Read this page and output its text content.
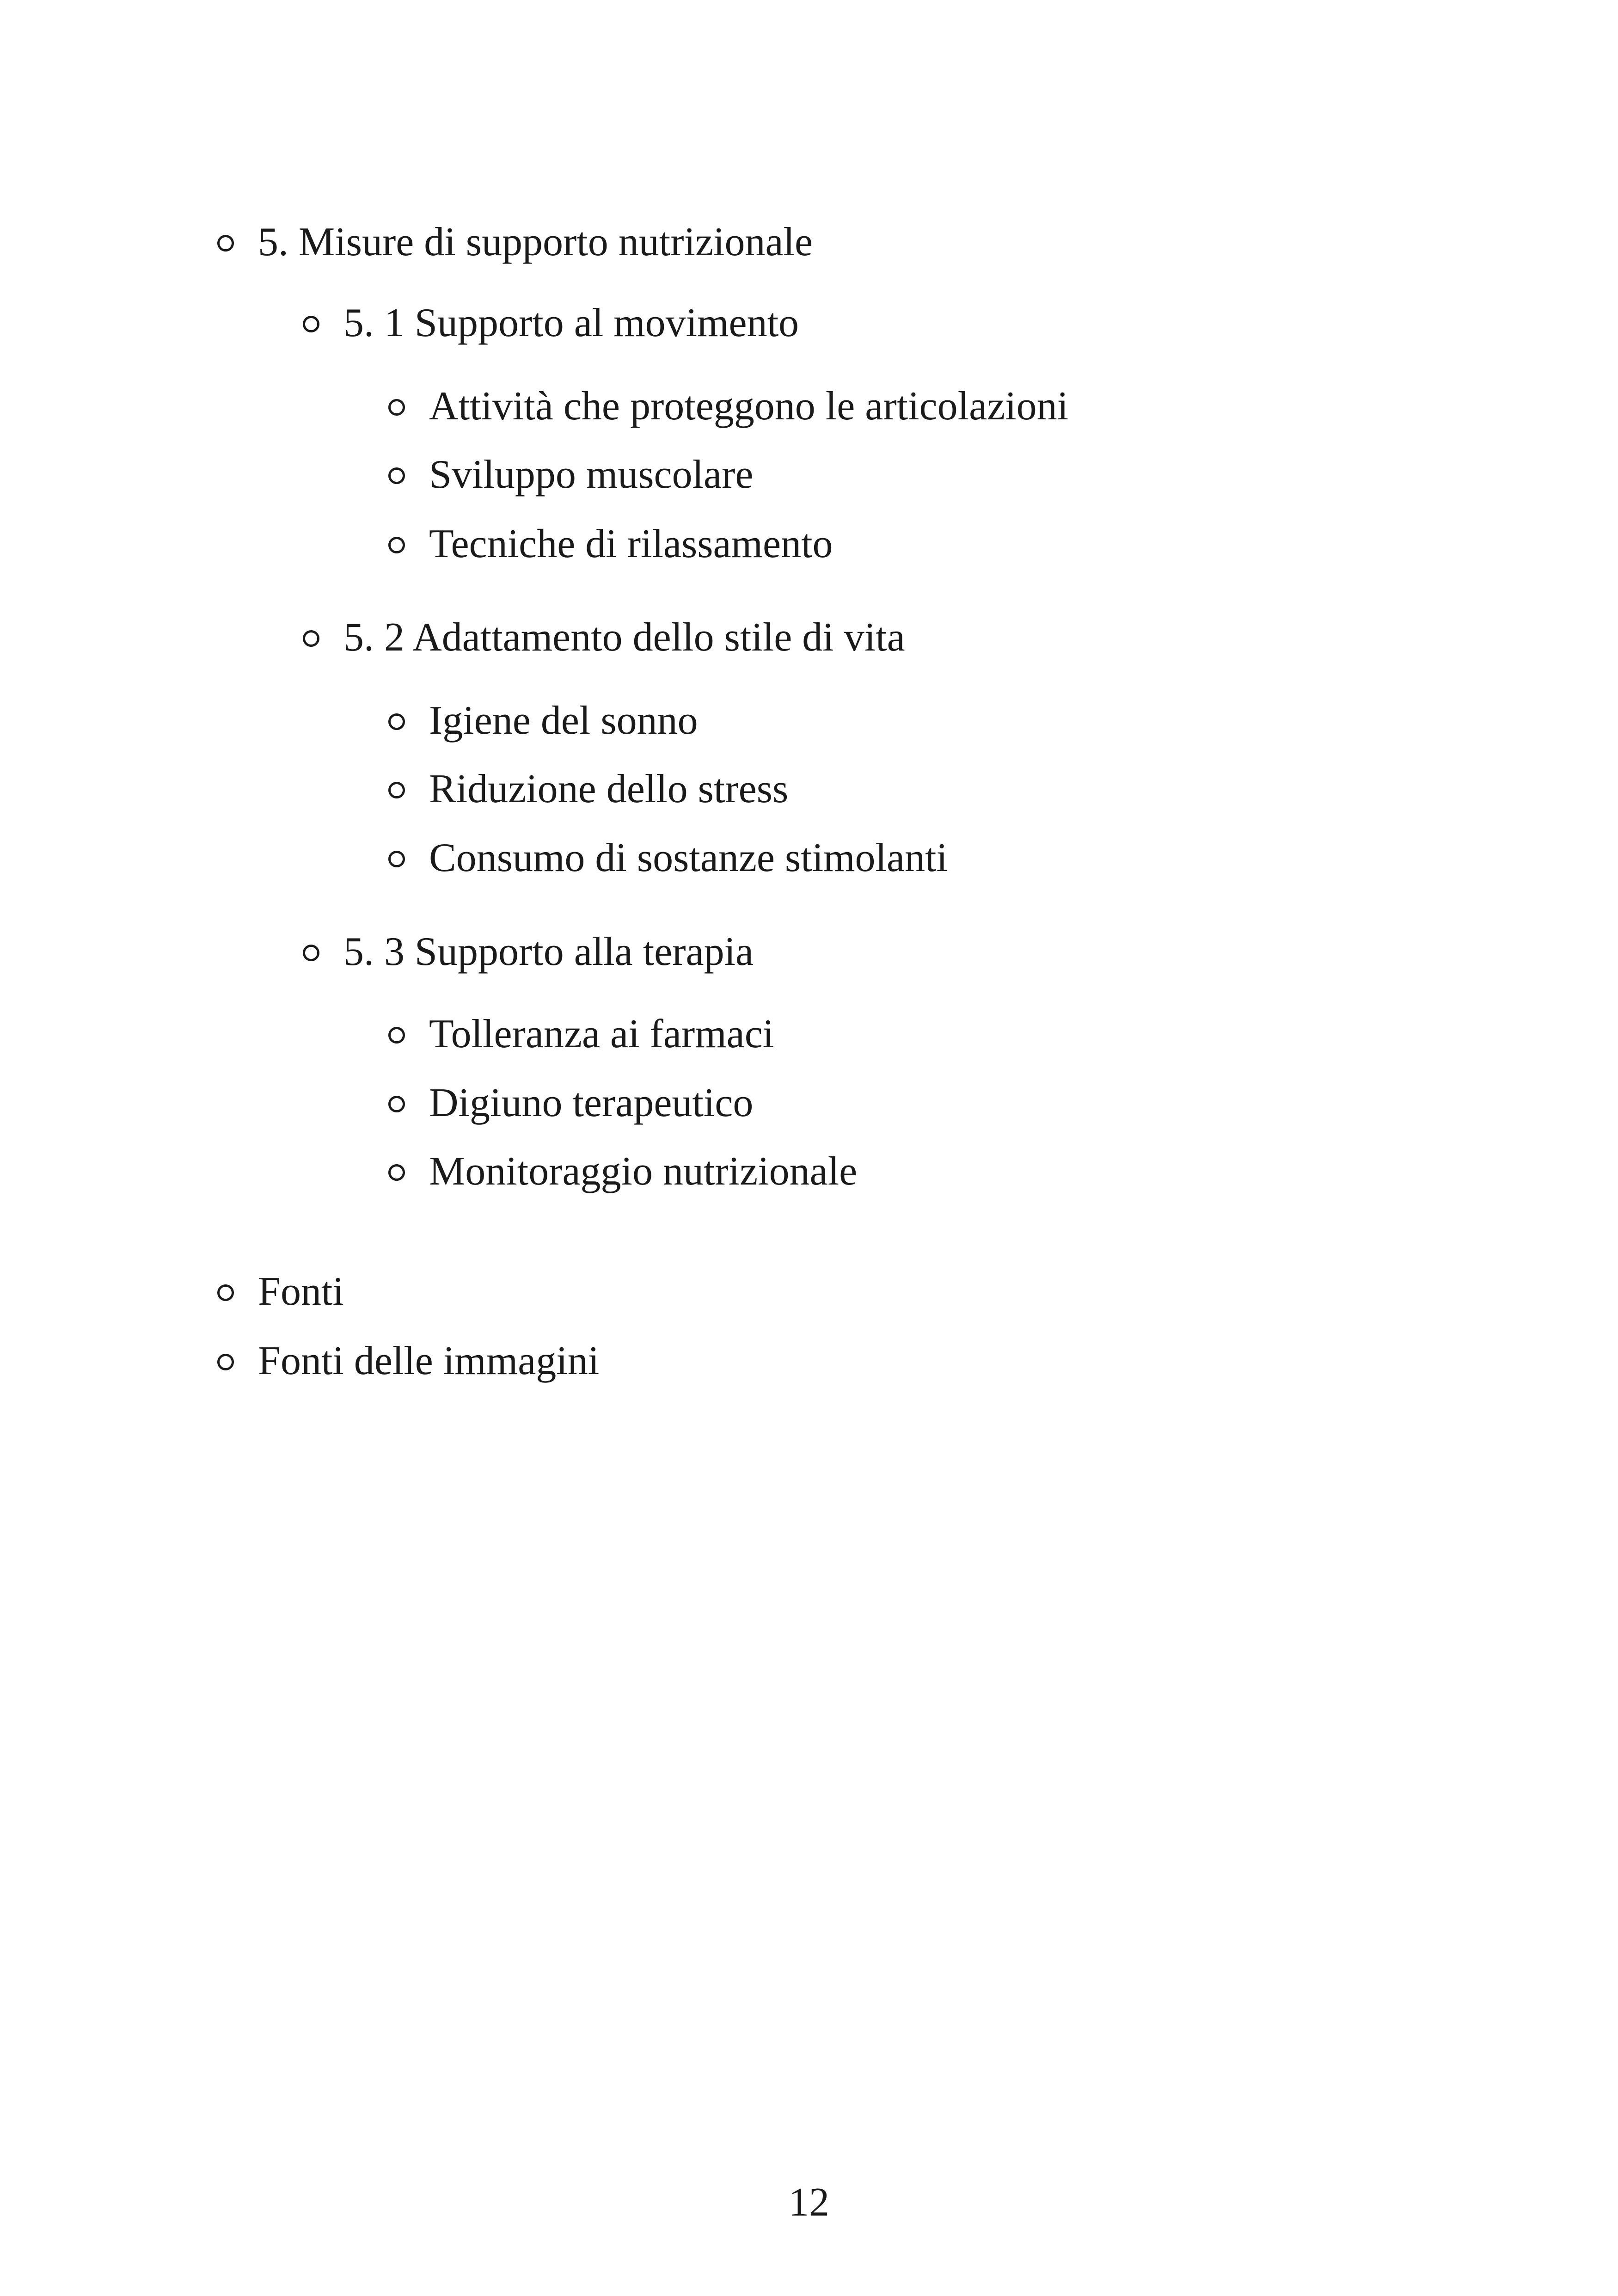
5. Misure di supporto nutrizionale
5. 1 Supporto al movimento
Attività che proteggono le articolazioni
Sviluppo muscolare
Tecniche di rilassamento
5. 2 Adattamento dello stile di vita
Igiene del sonno
Riduzione dello stress
Consumo di sostanze stimolanti
5. 3 Supporto alla terapia
Tolleranza ai farmaci
Digiuno terapeutico
Monitoraggio nutrizionale
Fonti
Fonti delle immagini
12
